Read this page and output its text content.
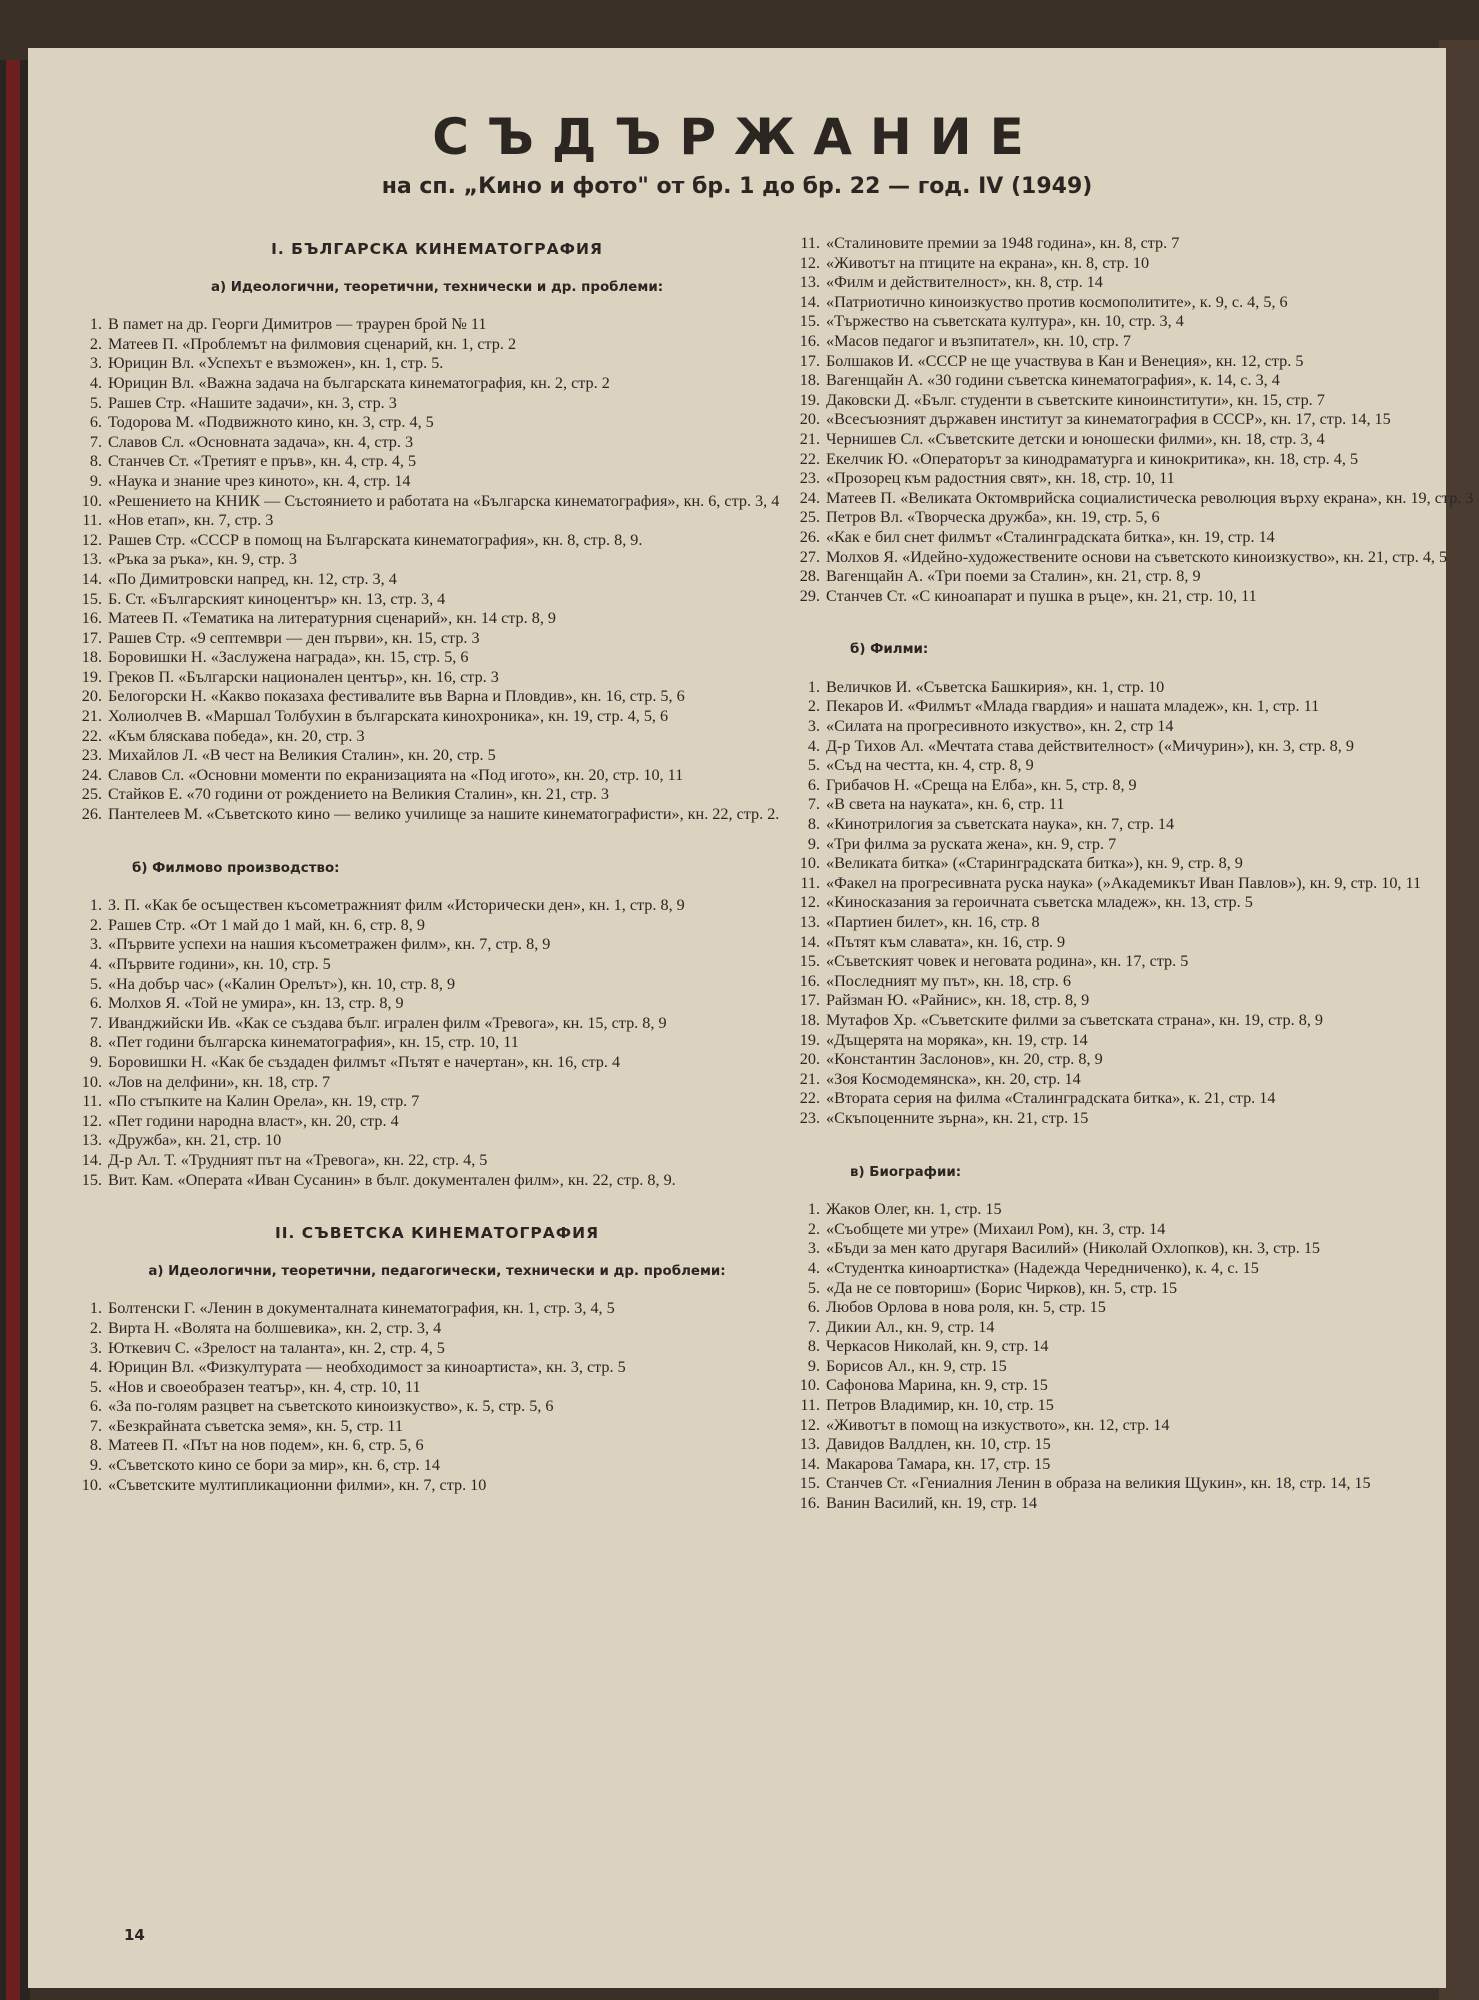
СЪДЪРЖАНИЕ
на сп. „Кино и фото" от бр. 1 до бр. 22 — год. IV (1949)
I. БЪЛГАРСКА КИНЕМАТОГРАФИЯ
а) Идеологични, теоретични, технически и др. проблеми:
1. В памет на др. Георги Димитров — траурен брой № 11
2. Матеев П. «Проблемът на филмовия сценарий, кн. 1, стр. 2
3. Юрицин Вл. «Успехът е възможен», кн. 1, стр. 5.
4. Юрицин Вл. «Важна задача на българската кинематография, кн. 2, стр. 2
5. Рашев Стр. «Нашите задачи», кн. 3, стр. 3
6. Тодорова М. «Подвижното кино, кн. 3, стр. 4, 5
7. Славов Сл. «Основната задача», кн. 4, стр. 3
8. Станчев Ст. «Третият е пръв», кн. 4, стр. 4, 5
9. «Наука и знание чрез киното», кн. 4, стр. 14
10. «Решението на КНИК — Състоянието и работата на «Българска кинематография», кн. 6, стр. 3, 4
11. «Нов етап», кн. 7, стр. 3
12. Рашев Стр. «СССР в помощ на Българската кинематография», кн. 8, стр. 8, 9.
13. «Ръка за ръка», кн. 9, стр. 3
14. «По Димитровски напред, кн. 12, стр. 3, 4
15. Б. Ст. «Българският киноцентър» кн. 13, стр. 3, 4
16. Матеев П. «Тематика на литературния сценарий», кн. 14 стр. 8, 9
17. Рашев Стр. «9 септември — ден първи», кн. 15, стр. 3
18. Боровишки Н. «Заслужена награда», кн. 15, стр. 5, 6
19. Греков П. «Български национален център», кн. 16, стр. 3
20. Белогорски Н. «Какво показаха фестивалите във Варна и Пловдив», кн. 16, стр. 5, 6
21. Холиолчев В. «Маршал Толбухин в българската кинохроника», кн. 19, стр. 4, 5, 6
22. «Към бляскава победа», кн. 20, стр. 3
23. Михайлов Л. «В чест на Великия Сталин», кн. 20, стр. 5
24. Славов Сл. «Основни моменти по екранизацията на «Под игото», кн. 20, стр. 10, 11
25. Стайков Е. «70 години от рождението на Великия Сталин», кн. 21, стр. 3
26. Пантелеев М. «Съветското кино — велико училище за нашите кинематографисти», кн. 22, стр. 2.
б) Филмово производство:
1. З. П. «Как бе осъществен късометражният филм «Исторически ден», кн. 1, стр. 8, 9
2. Рашев Стр. «От 1 май до 1 май, кн. 6, стр. 8, 9
3. «Първите успехи на нашия късометражен филм», кн. 7, стр. 8, 9
4. «Първите години», кн. 10, стр. 5
5. «На добър час» («Калин Орелът»), кн. 10, стр. 8, 9
6. Молхов Я. «Той не умира», кн. 13, стр. 8, 9
7. Иванджийски Ив. «Как се създава бълг. игрален филм «Тревога», кн. 15, стр. 8, 9
8. «Пет години българска кинематография», кн. 15, стр. 10, 11
9. Боровишки Н. «Как бе създаден филмът «Пътят е начертан», кн. 16, стр. 4
10. «Лов на делфини», кн. 18, стр. 7
11. «По стъпките на Калин Орела», кн. 19, стр. 7
12. «Пет години народна власт», кн. 20, стр. 4
13. «Дружба», кн. 21, стр. 10
14. Д-р Ал. Т. «Трудният път на «Тревога», кн. 22, стр. 4, 5
15. Вит. Кам. «Операта «Иван Сусанин» в бълг. документален филм», кн. 22, стр. 8, 9.
II. СЪВЕТСКА КИНЕМАТОГРАФИЯ
а) Идеологични, теоретични, педагогически, технически и др. проблеми:
1. Болтенски Г. «Ленин в документалната кинематография, кн. 1, стр. 3, 4, 5
2. Вирта Н. «Волята на болшевика», кн. 2, стр. 3, 4
3. Юткевич С. «Зрелост на таланта», кн. 2, стр. 4, 5
4. Юрицин Вл. «Физкултурата — необходимост за киноартиста», кн. 3, стр. 5
5. «Нов и своеобразен театър», кн. 4, стр. 10, 11
6. «За по-голям разцвет на съветското киноизкуство», к. 5, стр. 5, 6
7. «Безкрайната съветска земя», кн. 5, стр. 11
8. Матеев П. «Път на нов подем», кн. 6, стр. 5, 6
9. «Съветското кино се бори за мир», кн. 6, стр. 14
10. «Съветските мултипликационни филми», кн. 7, стр. 10
11. «Сталиновите премии за 1948 година», кн. 8, стр. 7
12. «Животът на птиците на екрана», кн. 8, стр. 10
13. «Филм и действителност», кн. 8, стр. 14
14. «Патриотично киноизкуство против космополитите», к. 9, с. 4, 5, 6
15. «Тържество на съветската култура», кн. 10, стр. 3, 4
16. «Масов педагог и възпитател», кн. 10, стр. 7
17. Болшаков И. «СССР не ще участвува в Кан и Венеция», кн. 12, стр. 5
18. Вагенщайн А. «30 години съветска кинематография», к. 14, с. 3, 4
19. Даковски Д. «Бълг. студенти в съветските киноинститути», кн. 15, стр. 7
20. «Всесъюзният държавен институт за кинематография в СССР», кн. 17, стр. 14, 15
21. Чернишев Сл. «Съветските детски и юношески филми», кн. 18, стр. 3, 4
22. Екелчик Ю. «Операторът за кинодраматурга и кинокритика», кн. 18, стр. 4, 5
23. «Прозорец към радостния свят», кн. 18, стр. 10, 11
24. Матеев П. «Великата Октомврийска социалистическа революция върху екрана», кн. 19, стр. 3
25. Петров Вл. «Творческа дружба», кн. 19, стр. 5, 6
26. «Как е бил снет филмът «Сталинградската битка», кн. 19, стр. 14
27. Молхов Я. «Идейно-художествените основи на съветското киноизкуство», кн. 21, стр. 4, 5
28. Вагенщайн А. «Три поеми за Сталин», кн. 21, стр. 8, 9
29. Станчев Ст. «С киноапарат и пушка в ръце», кн. 21, стр. 10, 11
б) Филми:
1. Величков И. «Съветска Башкирия», кн. 1, стр. 10
2. Пекаров И. «Филмът «Млада гвардия» и нашата младеж», кн. 1, стр. 11
3. «Силата на прогресивното изкуство», кн. 2, стр 14
4. Д-р Тихов Ал. «Мечтата става действителност» («Мичурин»), кн. 3, стр. 8, 9
5. «Съд на честта, кн. 4, стр. 8, 9
6. Грибачов Н. «Среща на Елба», кн. 5, стр. 8, 9
7. «В света на науката», кн. 6, стр. 11
8. «Кинотрилогия за съветската наука», кн. 7, стр. 14
9. «Три филма за руската жена», кн. 9, стр. 7
10. «Великата битка» («Старинградската битка»), кн. 9, стр. 8, 9
11. «Факел на прогресивната руска наука» (»Академикът Иван Павлов»), кн. 9, стр. 10, 11
12. «Киносказания за героичната съветска младеж», кн. 13, стр. 5
13. «Партиен билет», кн. 16, стр. 8
14. «Пътят към славата», кн. 16, стр. 9
15. «Съветският човек и неговата родина», кн. 17, стр. 5
16. «Последният му път», кн. 18, стр. 6
17. Райзман Ю. «Райнис», кн. 18, стр. 8, 9
18. Мутафов Хр. «Съветските филми за съветската страна», кн. 19, стр. 8, 9
19. «Дъщерята на моряка», кн. 19, стр. 14
20. «Константин Заслонов», кн. 20, стр. 8, 9
21. «Зоя Космодемянска», кн. 20, стр. 14
22. «Втората серия на филма «Сталинградската битка», к. 21, стр. 14
23. «Скъпоценните зърна», кн. 21, стр. 15
в) Биографии:
1. Жаков Олег, кн. 1, стр. 15
2. «Съобщете ми утре» (Михаил Ром), кн. 3, стр. 14
3. «Бъди за мен като другаря Василий» (Николай Охлопков), кн. 3, стр. 15
4. «Студентка киноартистка» (Надежда Чередниченко), к. 4, с. 15
5. «Да не се повториш» (Борис Чирков), кн. 5, стр. 15
6. Любов Орлова в нова роля, кн. 5, стр. 15
7. Дикии Ал., кн. 9, стр. 14
8. Черкасов Николай, кн. 9, стр. 14
9. Борисов Ал., кн. 9, стр. 15
10. Сафонова Марина, кн. 9, стр. 15
11. Петров Владимир, кн. 10, стр. 15
12. «Животът в помощ на изкуството», кн. 12, стр. 14
13. Давидов Валдлен, кн. 10, стр. 15
14. Макарова Тамара, кн. 17, стр. 15
15. Станчев Ст. «Гениалния Ленин в образа на великия Щукин», кн. 18, стр. 14, 15
16. Ванин Василий, кн. 19, стр. 14
14
